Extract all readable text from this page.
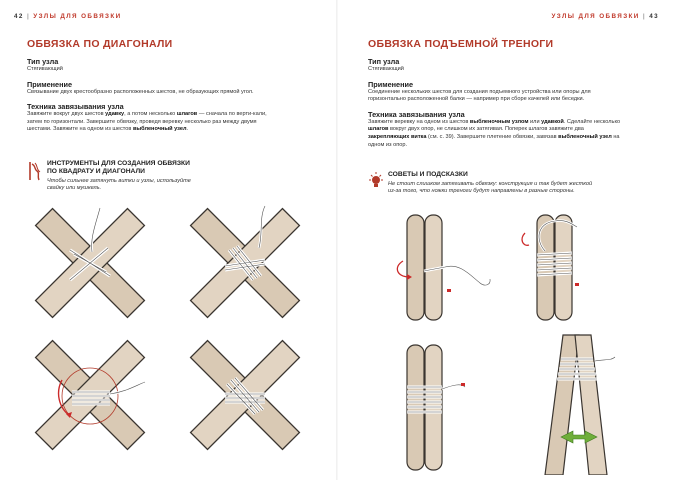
42 | УЗЛЫ ДЛЯ ОБВЯЗКИ	УЗЛЫ ДЛЯ ОБВЯЗКИ | 43
ОБВЯЗКА ПО ДИАГОНАЛИ

Тип узла

Стягивающий

Применение

Связывание двух крестообразно расположенных шестов, не образующих прямой угол.

Техника завязывания узла

Завяжите вокруг двух шестов удавку, а потом несколько шлагов — сначала по верти-кали, затем по горизонтали. Завершите обвязку, проведя веревку несколько раз между двумя шестами. Завяжите на одном из шестов выбленочный узел.

ИНСТРУМЕНТЫ ДЛЯ СОЗДАНИЯ ОБВЯЗКИ
ПО КВАДРАТУ И ДИАГОНАЛИ

Чтобы сильнее затянуть витки и узлы, используйте
свайку или мушкель.

ОБВЯЗКА ПОДЪЕМНОЙ ТРЕНОГИ

Тип узла

Стягивающий

Применение

Соединение нескольких шестов для создания подъемного устройства или опоры для горизонтально расположенной балки — например при сборе качелей или беседки.

Техника завязывания узла

Завяжите веревку на одном из шестов выбленочным узлом или удавкой. Сделайте несколько шлагов вокруг двух опор, не слишком их затягивая. Поперек шлагов завяжите два закрепляющих витка (см. с. 39). Завершите плетение обвязки, завязав выбленочный узел на одном из опор.

СОВЕТЫ И ПОДСКАЗКИ

Не стоит слишком затягивать обвязку: конструкция и так будет жесткой
из-за того, что ножки треноги будут направлены в разные стороны.
